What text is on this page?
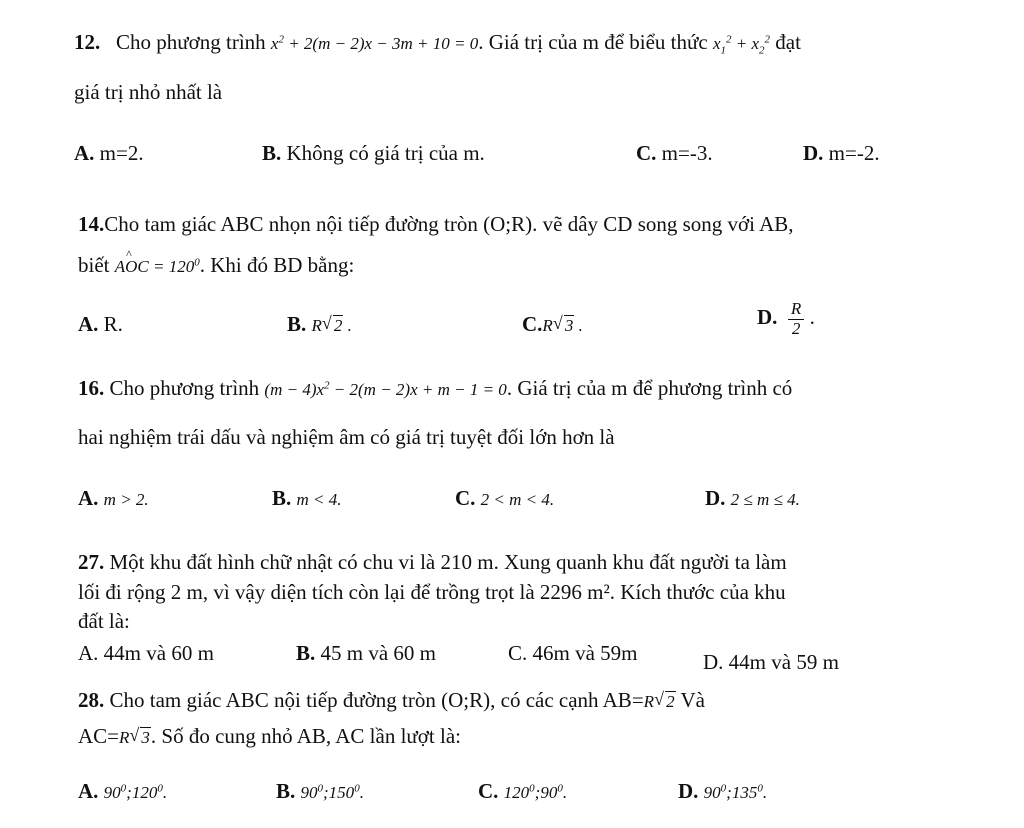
12. Cho phương trình $x^2 + 2(m - 2)x - 3m + 10 = 0$. Giá trị của m để biểu thức $x_1^2 + x_2^2$ đạt
giá trị nhỏ nhất là
A. m=2.	B. Không có giá trị của m.	C. m=-3.	D. m=-2.
14.Cho tam giác ABC nhọn nội tiếp đường tròn (O;R). vẽ dây CD song song với AB,
biết AO ^C = $120^0$. Khi đó BD bằng:
A. R.	B. R √ 2 .	C.R √ 3 .	D. $\frac{R}{2}$ .
16. Cho phương trình $(m - 4)x^2 - 2(m - 2)x + m - 1 = 0$. Giá trị của m để phương trình có
hai nghiệm trái dấu và nghiệm âm có giá trị tuyệt đối lớn hơn là
A. m > 2.	B. m < 4.	C. 2 < m < 4.	D. 2 ≤ m ≤ 4.
27. Một khu đất hình chữ nhật có chu vi là 210 m. Xung quanh khu đất người ta làm
lối đi rộng 2 m, vì vậy diện tích còn lại để trồng trọt là 2296 m². Kích thước của khu
đất là:
A. 44m và 60 m	B. 45 m và 60 m	C. 46m và 59m	D. 44m và 59 m
28. Cho tam giác ABC nội tiếp đường tròn (O;R), có các cạnh AB=R √ 2 Và
AC=R √ 3. Số đo cung nhỏ AB, AC lần lượt là:
A. $90^0;120^0$.	B. $90^0;150^0$.	C. $120^0;90^0$.	D. $90^0;135^0$.
